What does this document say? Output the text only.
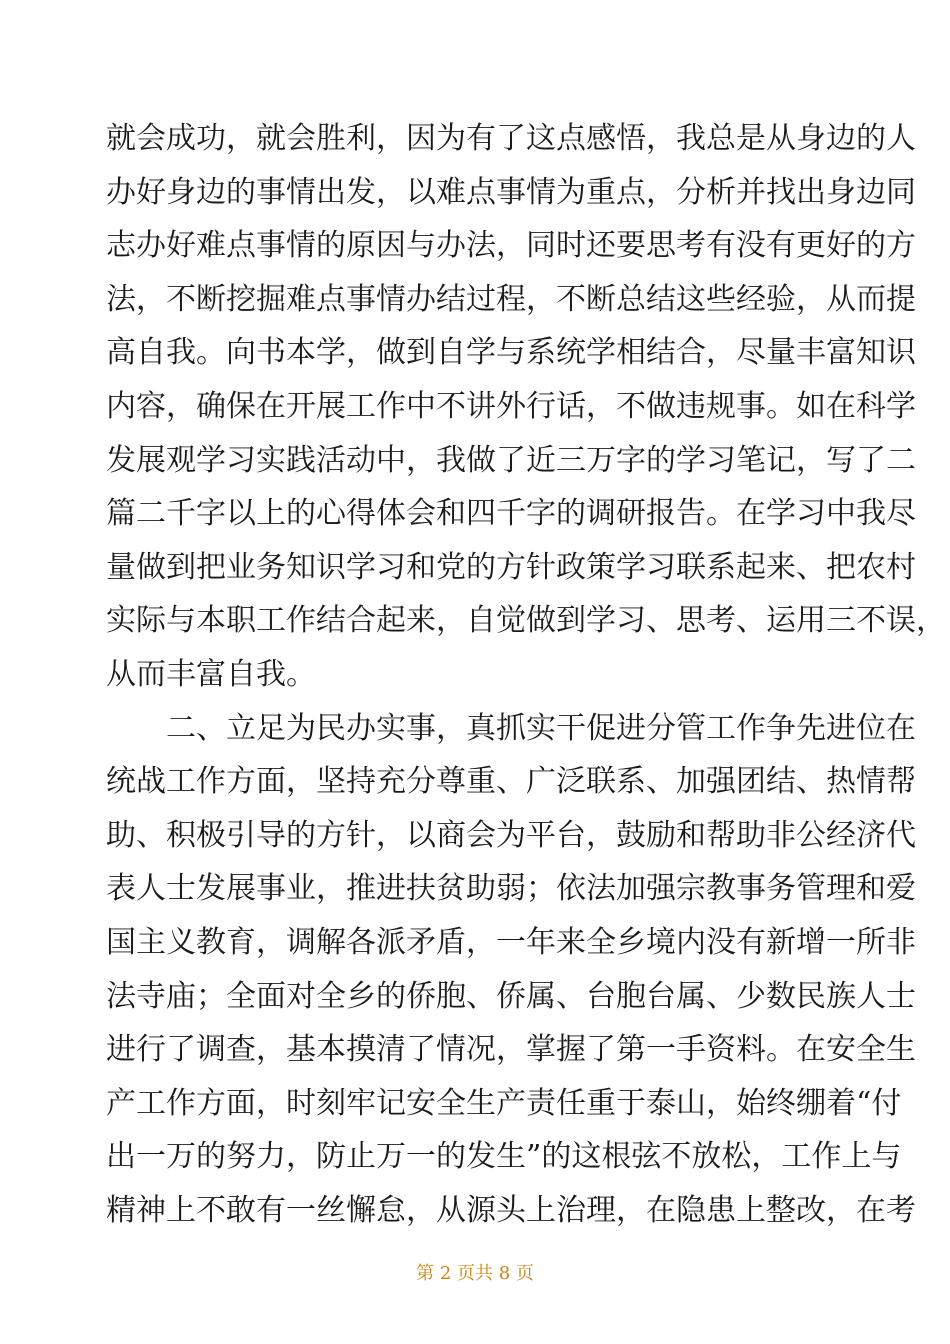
就会成功，就会胜利，因为有了这点感悟，我总是从身边的人
办好身边的事情出发，以难点事情为重点，分析并找出身边同
志办好难点事情的原因与办法，同时还要思考有没有更好的方
法，不断挖掘难点事情办结过程，不断总结这些经验，从而提
高自我。向书本学，做到自学与系统学相结合，尽量丰富知识
内容，确保在开展工作中不讲外行话，不做违规事。如在科学
发展观学习实践活动中，我做了近三万字的学习笔记，写了二
篇二千字以上的心得体会和四千字的调研报告。在学习中我尽
量做到把业务知识学习和党的方针政策学习联系起来、把农村
实际与本职工作结合起来，自觉做到学习、思考、运用三不误，
从而丰富自我。
二、立足为民办实事，真抓实干促进分管工作争先进位在
统战工作方面，坚持充分尊重、广泛联系、加强团结、热情帮
助、积极引导的方针，以商会为平台，鼓励和帮助非公经济代
表人士发展事业，推进扶贫助弱；依法加强宗教事务管理和爱
国主义教育，调解各派矛盾，一年来全乡境内没有新增一所非
法寺庙；全面对全乡的侨胞、侨属、台胞台属、少数民族人士
进行了调查，基本摸清了情况，掌握了第一手资料。在安全生
产工作方面，时刻牢记安全生产责任重于泰山，始终绷着“付
出一万的努力，防止万一的发生”的这根弦不放松，工作上与
精神上不敢有一丝懈怠，从源头上治理，在隐患上整改，在考
第 2 页共 8 页
